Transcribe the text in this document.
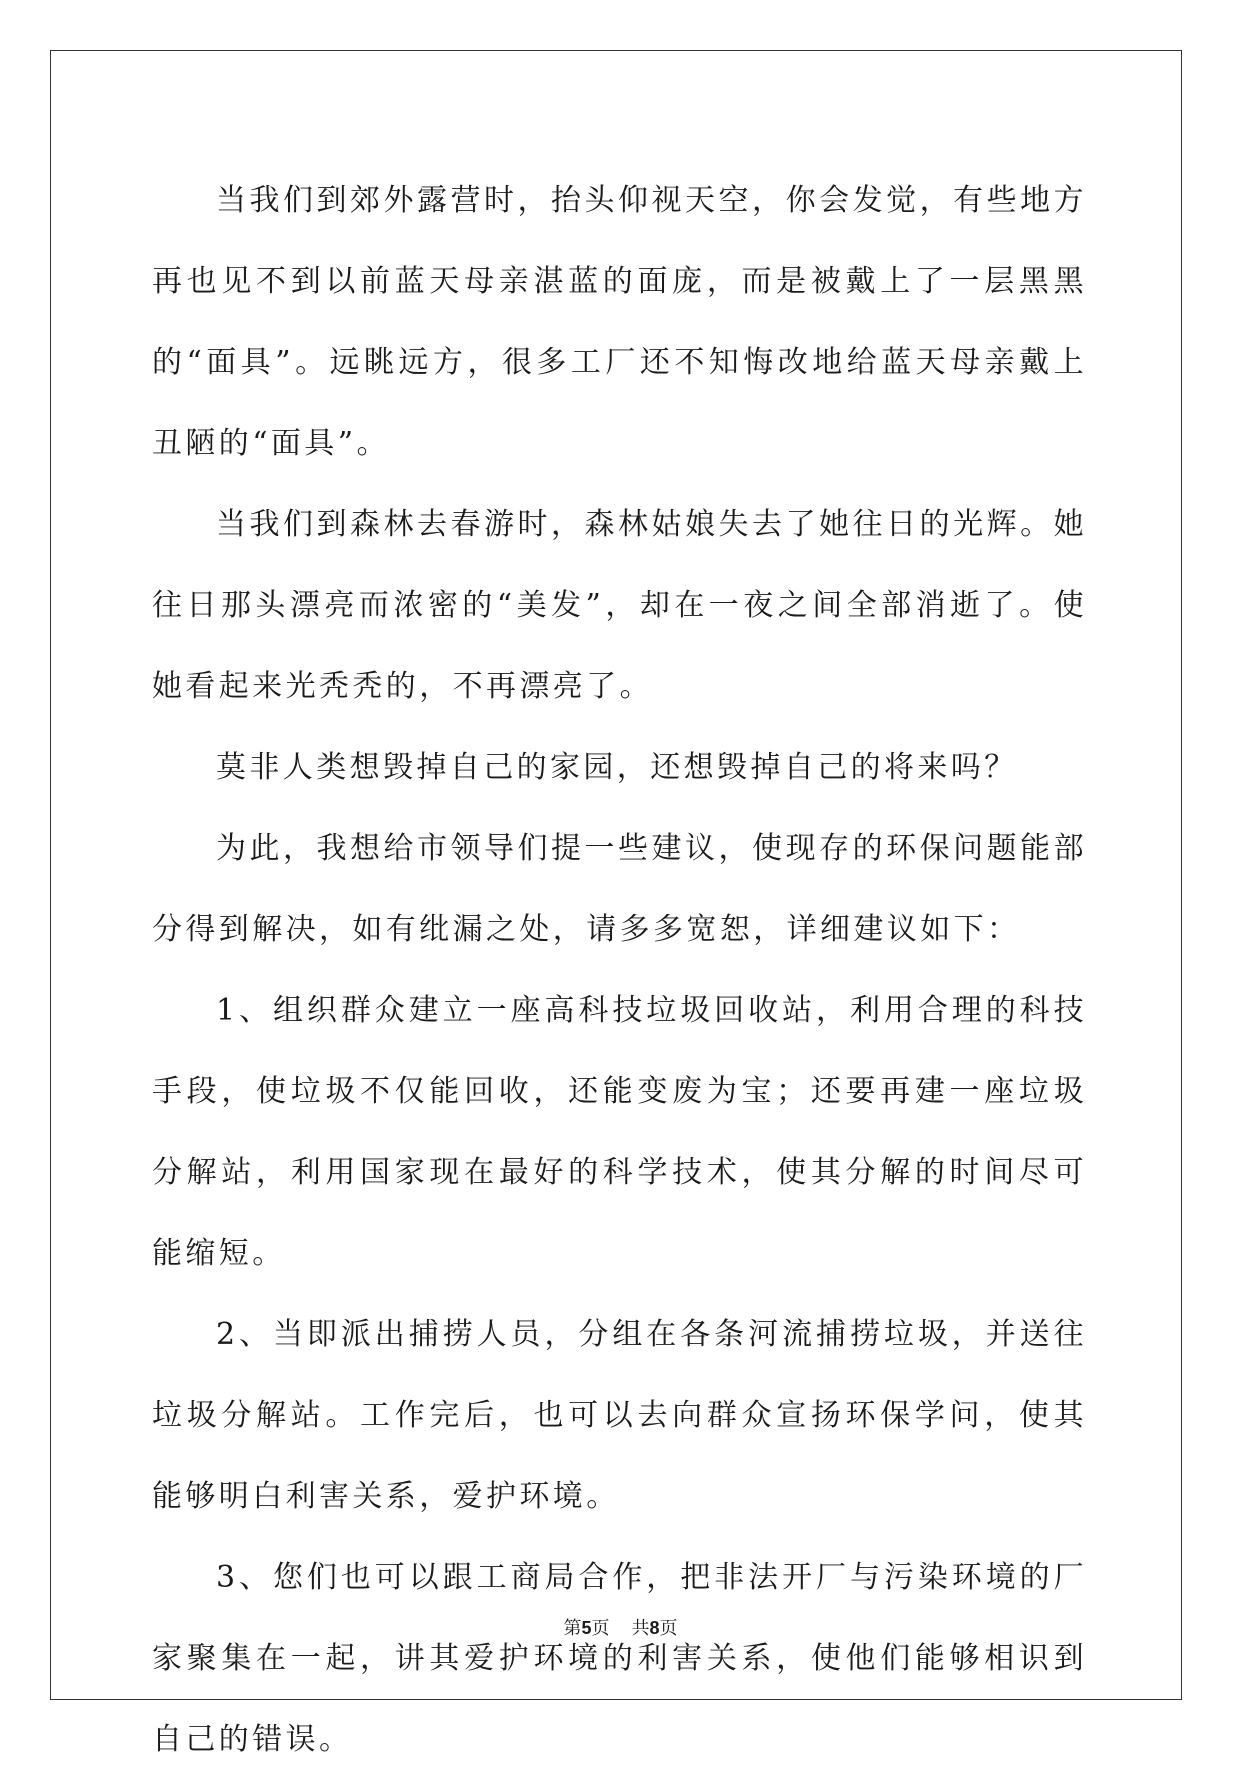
当我们到郊外露营时，抬头仰视天空，你会发觉，有些地方再也见不到以前蓝天母亲湛蓝的面庞，而是被戴上了一层黑黑的“面具”。远眺远方，很多工厂还不知悔改地给蓝天母亲戴上丑陋的“面具”。

当我们到森林去春游时，森林姑娘失去了她往日的光辉。她往日那头漂亮而浓密的“美发”，却在一夜之间全部消逝了。使她看起来光秃秃的，不再漂亮了。

莫非人类想毁掉自己的家园，还想毁掉自己的将来吗？

为此，我想给市领导们提一些建议，使现存的环保问题能部分得到解决，如有纰漏之处，请多多宽恕，详细建议如下：

1、组织群众建立一座高科技垃圾回收站，利用合理的科技手段，使垃圾不仅能回收，还能变废为宝；还要再建一座垃圾分解站，利用国家现在最好的科学技术，使其分解的时间尽可能缩短。

2、当即派出捕捞人员，分组在各条河流捕捞垃圾，并送往垃圾分解站。工作完后，也可以去向群众宣扬环保学问，使其能够明白利害关系，爱护环境。

3、您们也可以跟工商局合作，把非法开厂与污染环境的厂家聚集在一起，讲其爱护环境的利害关系，使他们能够相识到自己的错误。

第5页 共8页
